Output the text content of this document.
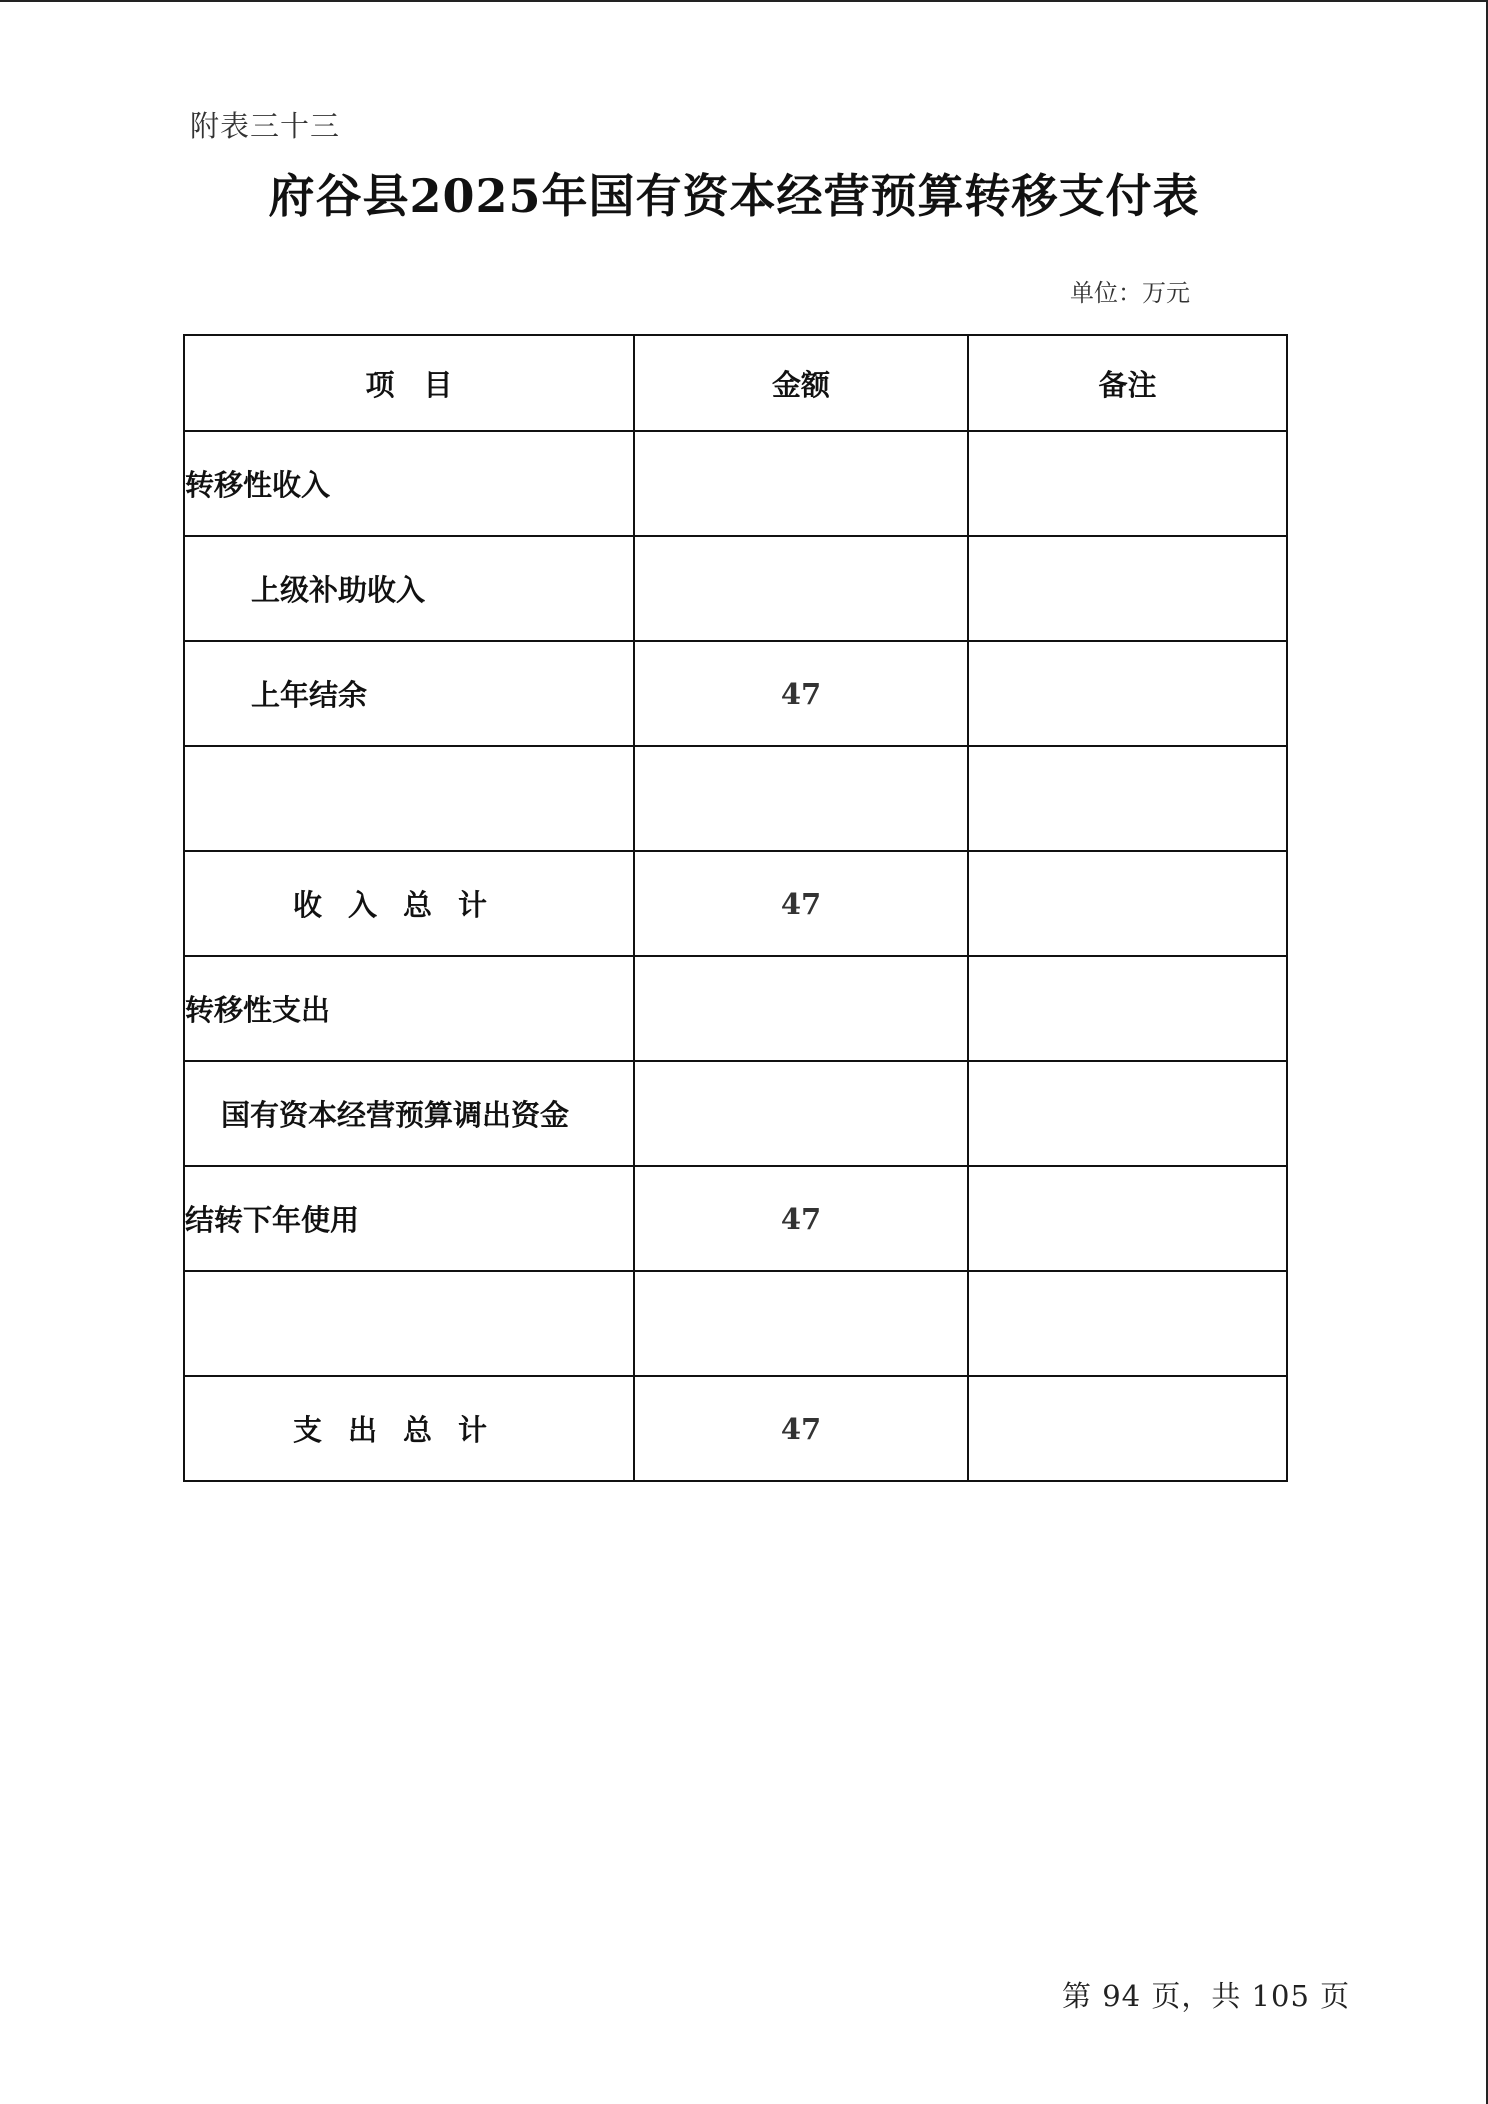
附表三十三
府谷县2025年国有资本经营预算转移支付表
单位：万元
项　目	金额	备注
转移性收入		
上级补助收入		
上年结余	47	

收入总计	47	
转移性支出		
国有资本经营预算调出资金		
结转下年使用	47	

支出总计	47	
第 94 页，共 105 页
